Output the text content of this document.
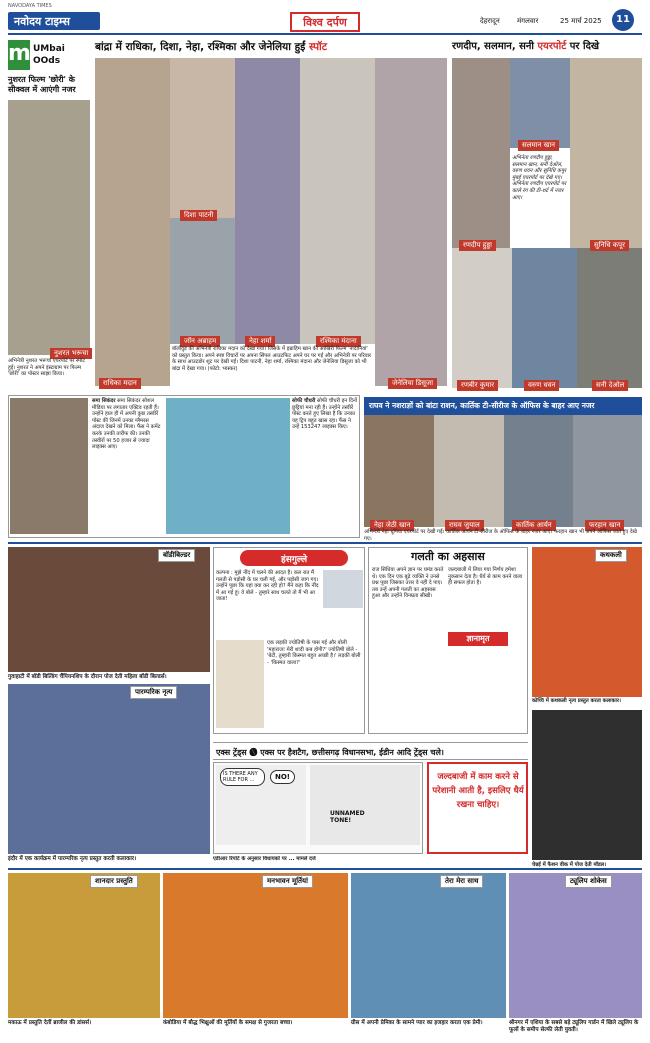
NAVODAYA TIMES
नवोदय टाइम्स	विश्व दर्पण	देहरादून मंगलवार	25 मार्च 2025	11
m UMbai OOds
नुशरत फिल्म 'छोरी' के सीक्वल में आएंगी नजर
नुशरत भरूचा
अभिनेत्री नुशरत भरूचा एयरपोर्ट पर स्पॉट हुई। नुशरत ने अपने इंस्टाग्राम पर फिल्म 'छोरी' का पोस्टर साझा किया।
बांद्रा में राधिका, दिशा, नेहा, रश्मिका और जेनेलिया हुईं स्पॉट
राधिका मदान
दिशा पाटनी
जॉन अब्राहम	नेहा शर्मा	रश्मिका मंदाना
जेनेलिया डिसूजा
बॉलीवुड की अभिनेत्री राधिका मदान को देखा गया। जिसके में इब्राहिम खान की आखिरी फिल्म 'नादानियां' को प्रस्तुत किया। अपने स्पष्ट विचारों पर अपना सिंपल आउटफिट अपने घर पर गई और अभिनेत्री पर परिवार के साथ आउटडोर शूट पर देखी गईं। दिशा पाटनी, नेहा शर्मा, रश्मिका मंदाना और जेनेलिया डिसूजा को भी बांद्रा में देखा गया। (फोटो: भास्कर)
रणदीप, सलमान, सनी एयरपोर्ट पर दिखे
अभिनेता रणदीप हुड्डा, सलमान खान, सनी देओल, वरुण धवन और सुनिधि कपूर मुंबई एयरपोर्ट पर देखे गए। अभिनेता रणदीप एयरपोर्ट पर काले रंग की टी-शर्ट में नजर आए।
सलमान खान
रणदीप हुड्डा	सुनिधि कपूर
रणबीर कुमार	वरुण धवन	सनी देओल
समा सिकंदर समा सिकंदर सोशल मीडिया पर लगातार एक्टिव रहती हैं। उन्होंने हाल ही में अपनी कुछ तस्वीरें पोस्ट कीं जिनमें उनका ग्लैमरस अंदाज देखने को मिला। फैंस ने कमेंट करके उनकी तारीफ की। उनकी तस्वीरों पर 50 हजार से ज्यादा लाइक्स आए।
सोफी चौधरी सोफी चौधरी इन दिनों छुट्टियां मना रही हैं। उन्होंने तस्वीरें पोस्ट करते हुए लिखा है कि उनका यह ट्रिप बहुत खास रहा। फैंस ने उन्हें 153247 लाइक्स किए।
राघव ने नशराज्ञों को बांटा राशन, कार्तिक टी-सीरीज के ऑफिस के बाहर आए नजर
नेहा जेठी खान	राघव जुयाल	कार्तिक आर्यन	फरहान खान
अभिनेत्री नेहा धूपिया एयरपोर्ट पर देखी गईं। कार्तिक आर्यन टी-सीरीज के ऑफिस के बाहर नजर आए। फरहान खान भी अपने ऑफिस जाते हुए देखे गए।
बॉडीबिल्डर
गुवाहाटी में बॉडी बिल्डिंग चैंपियनशिप के दौरान पोज देती महिला बॉडी बिल्डर्स।
पारम्परिक नृत्य
इंदौर में एक कार्यक्रम में पारम्परिक नृत्य प्रस्तुत करती कलाकार।
हंसगुल्ले
कल्पना : मुझे नींद में चलने की आदत है। कल रात मैं गलती से पड़ोसी के घर चली गई, और पड़ोसी जाग गए। उन्होंने पूछा कि यहां क्या कर रही हो? मैंने कहा कि नींद में आ गई हूं। वे बोले - तुम्हारे साथ चलते तो मैं भी आ जाता!
एक लड़की ज्योतिषी के पास गई और बोली 'महाराज! मेरी शादी कब होगी?' ज्योतिषी बोले - 'बेटी, तुम्हारी किस्मत बहुत अच्छी है।' लड़की बोली - 'किस्मत वाला?'
गलती का अहसास
राज सिंधिया अपने ज्ञान पर घमंड करते थे। एक दिन एक बूढ़े व्यक्ति ने उनसे प्रश्न पूछा जिसका उत्तर वे नहीं दे पाए। तब उन्हें अपनी गलती का अहसास हुआ और उन्होंने विनम्रता सीखी।
जल्दबाजी में लिया गया निर्णय हमेशा नुकसान देता है। धैर्य से काम करने वाला ही सफल होता है।
ज्ञानामृत
कथकली
कोच्चि में कथकली नृत्य प्रस्तुत करता कलाकार।
एक्स ट्रेंड्स 🅧 एक्स पर हैशटैग, छत्तीसगढ़ विधानसभा, ईडीन आदि ट्रेंड्स चले।
IS THERE ANY RULE FOR ...	NO!
UNNAMED TONE!
एडीआर रिपोर्ट के अनुसार विधायकों पर ... मामले दर्ज
जल्दबाजी में काम करने से परेशानी आती है, इसलिए धैर्य रखना चाहिए।
चेन्नई में फैशन वीक में पोज देती मॉडल।
शानदार प्रस्तुति
मकाऊ में प्रस्तुति देतीं ब्राजील की डांसर्स।
मनभावन मूर्तियां
कंबोडिया में बौद्ध भिक्षुओं की मूर्तियों के समक्ष से गुजरता बच्चा।
तेरा मेरा साथ
ग्रीस में अपनी प्रेमिका के सामने प्यार का इजहार करता एक प्रेमी।
ट्यूलिप शोकेस
श्रीनगर में एशिया के सबसे बड़े ट्यूलिप गार्डन में खिले ट्यूलिप के फूलों के समीप सेल्फी लेती युवती।
